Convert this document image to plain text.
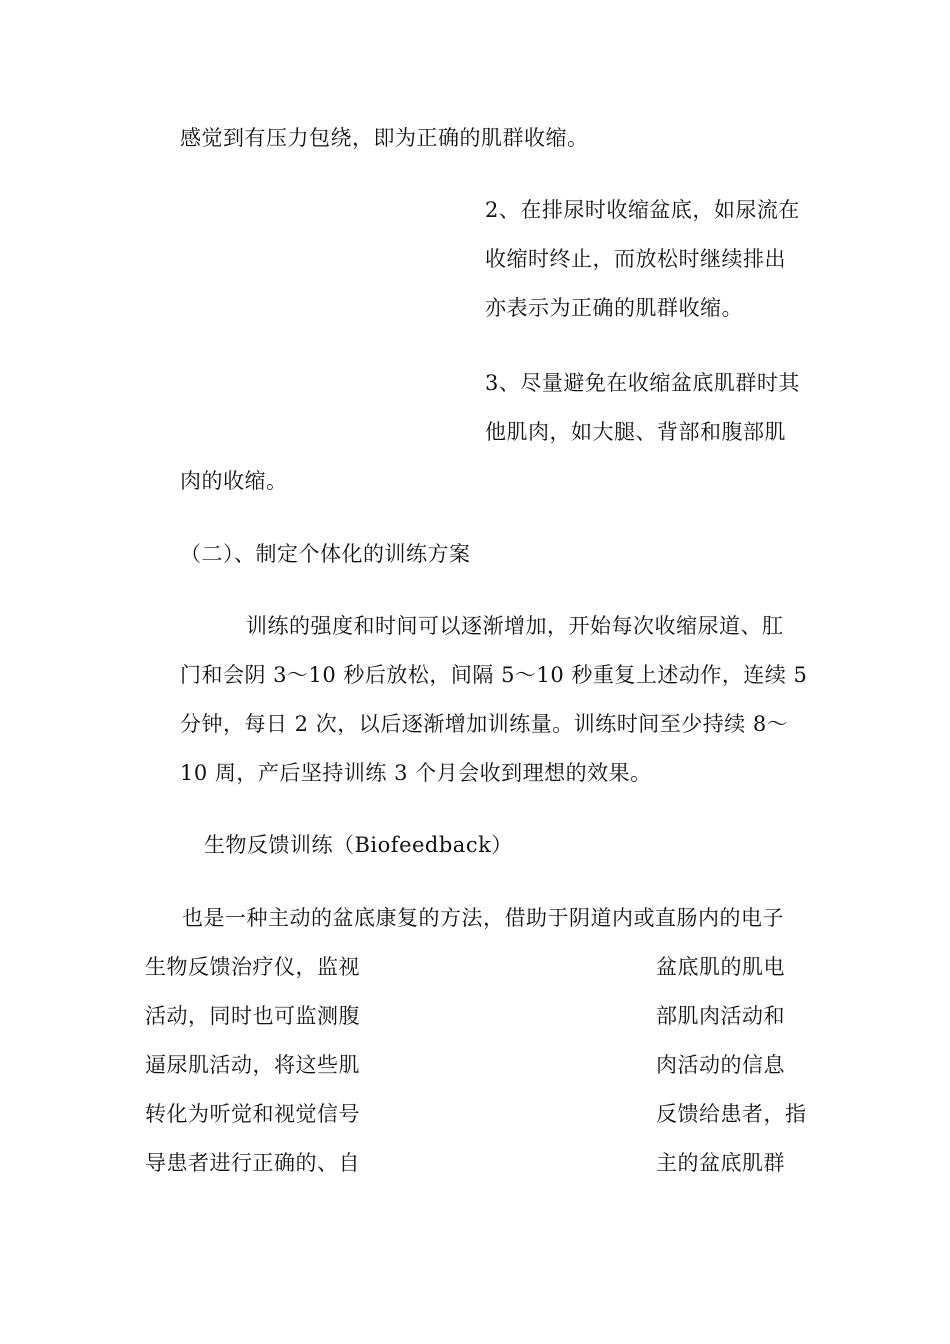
感觉到有压力包绕，即为正确的肌群收缩。
2、在排尿时收缩盆底，如尿流在
收缩时终止，而放松时继续排出
亦表示为正确的肌群收缩。
3、尽量避免在收缩盆底肌群时其
他肌肉，如大腿、背部和腹部肌
肉的收缩。
（二）、制定个体化的训练方案
训练的强度和时间可以逐渐增加，开始每次收缩尿道、肛
门和会阴 3～10 秒后放松，间隔 5～10 秒重复上述动作，连续 5
分钟，每日 2 次，以后逐渐增加训练量。训练时间至少持续 8～
10 周，产后坚持训练 3 个月会收到理想的效果。
生物反馈训练（Biofeedback）
也是一种主动的盆底康复的方法，借助于阴道内或直肠内的电子
生物反馈治疗仪，监视
活动，同时也可监测腹
逼尿肌活动，将这些肌
转化为听觉和视觉信号
导患者进行正确的、自
盆底肌的肌电
部肌肉活动和
肉活动的信息
反馈给患者，指
主的盆底肌群
